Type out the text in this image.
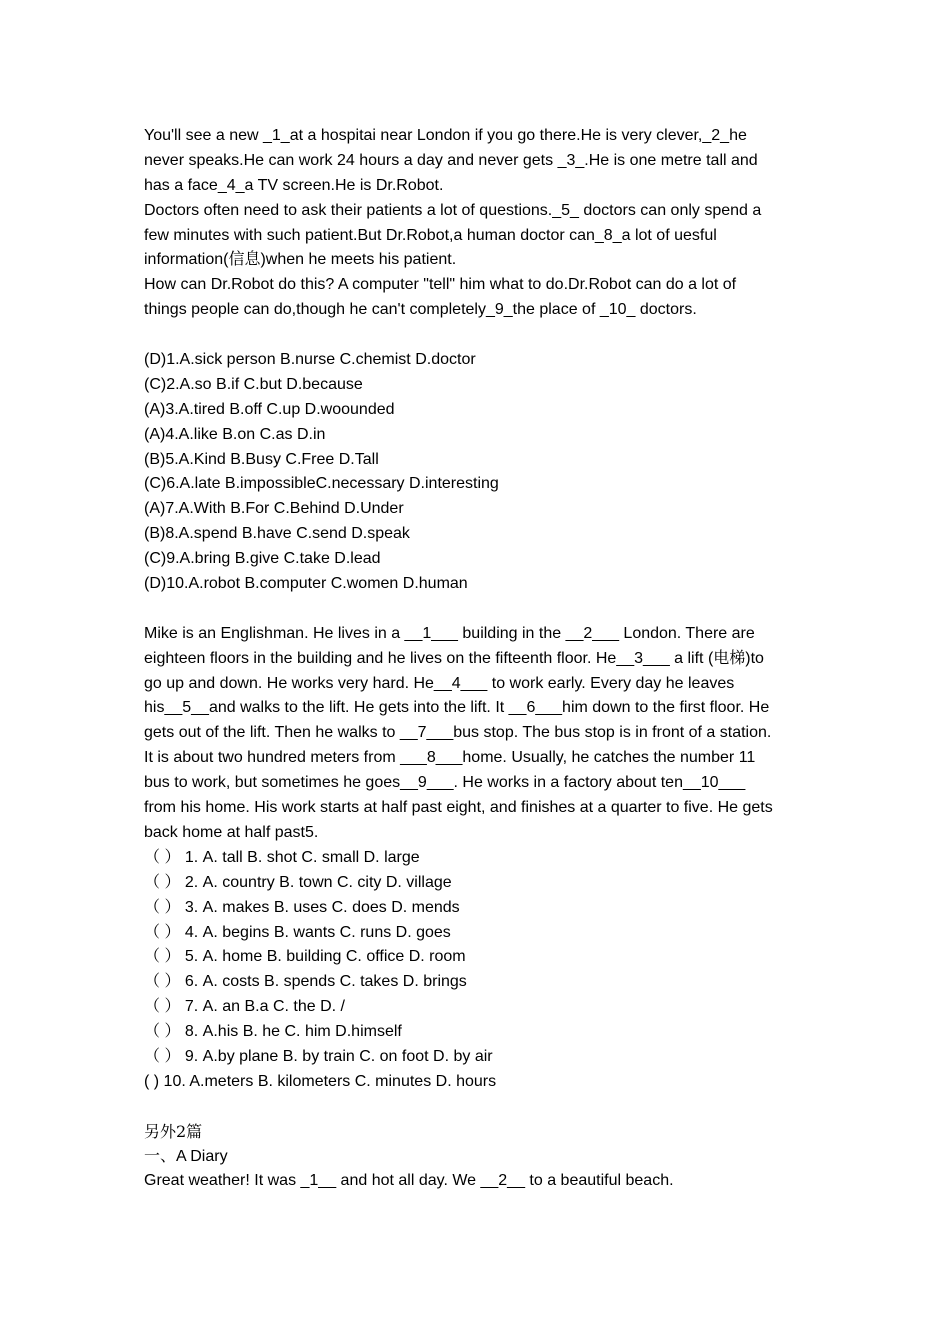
You'll see a new _1_at a hospitai near London if you go there.He is very clever,_2_he
never speaks.He can work 24 hours a day and never gets _3_.He is one metre tall and
has a face_4_a TV screen.He is Dr.Robot.
Doctors often need to ask their patients a lot of questions._5_ doctors can only spend a
few minutes with such patient.But Dr.Robot,a human doctor can_8_a lot of uesful
information(信息)when he meets his patient.
How can Dr.Robot do this? A computer "tell" him what to do.Dr.Robot can do a lot of
things people can do,though he can't completely_9_the place of _10_ doctors.
(D)1.A.sick person B.nurse C.chemist D.doctor
(C)2.A.so B.if C.but D.because
(A)3.A.tired B.off C.up D.woounded
(A)4.A.like B.on C.as D.in
(B)5.A.Kind B.Busy C.Free D.Tall
(C)6.A.late B.impossibleC.necessary D.interesting
(A)7.A.With B.For C.Behind D.Under
(B)8.A.spend B.have C.send D.speak
(C)9.A.bring B.give C.take D.lead
(D)10.A.robot B.computer C.women D.human
Mike is an Englishman. He lives in a __1___ building in the __2___ London. There are
eighteen floors in the building and he lives on the fifteenth floor. He__3___ a lift (电梯)to
go up and down. He works very hard. He__4___ to work early. Every day he leaves
his__5__and walks to the lift. He gets into the lift. It __6___him down to the first floor. He
gets out of the lift. Then he walks to __7___bus stop. The bus stop is in front of a station.
It is about two hundred meters from ___8___home. Usually, he catches the number 11
bus to work, but sometimes he goes__9___. He works in a factory about ten__10___
from his home. His work starts at half past eight, and finishes at a quarter to five. He gets
back home at half past5.
（ ） 1. A. tall B. shot C. small D. large
（ ） 2. A. country B. town C. city D. village
（ ） 3. A. makes B. uses C. does D. mends
（ ） 4. A. begins B. wants C. runs D. goes
（ ） 5. A. home B. building C. office D. room
（ ） 6. A. costs B. spends C. takes D. brings
（ ） 7. A. an B.a C. the D. /
（ ） 8. A.his B. he C. him D.himself
（ ） 9. A.by plane B. by train C. on foot D. by air
( ) 10. A.meters B. kilometers C. minutes D. hours
另外2篇
一、A Diary
Great weather! It was _1__ and hot all day. We __2__ to a beautiful beach.
